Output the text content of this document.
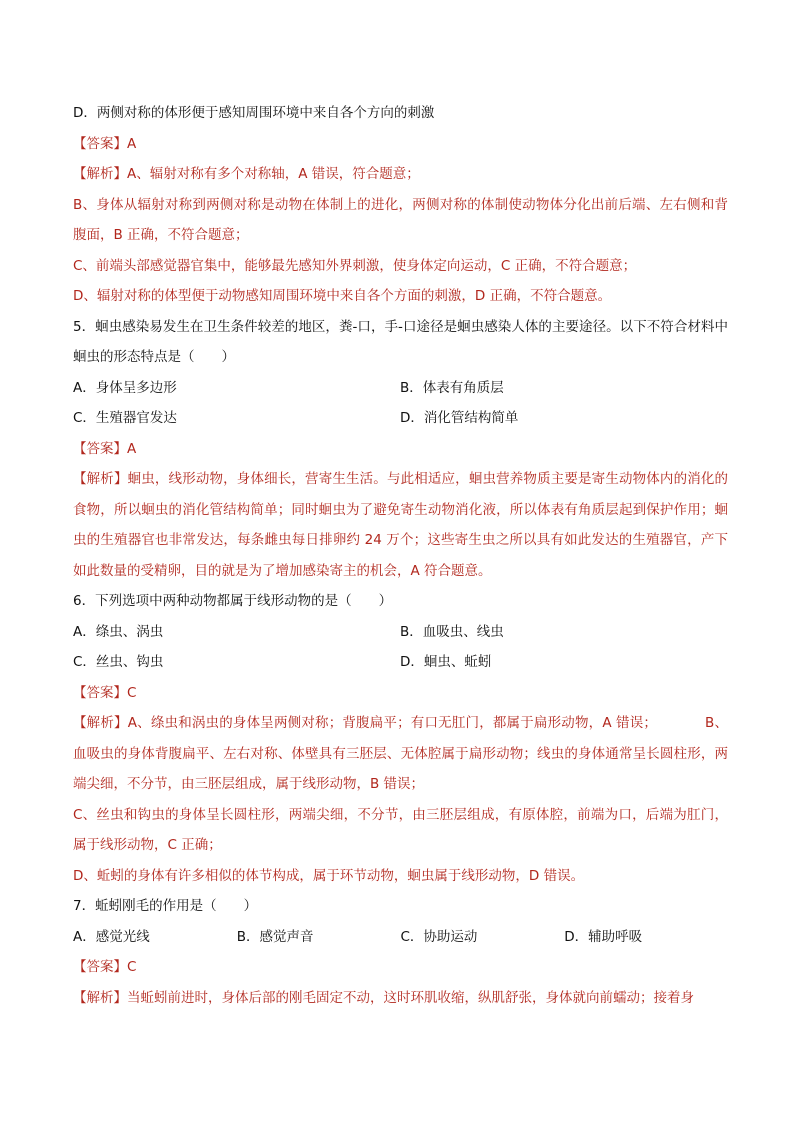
D．两侧对称的体形便于感知周围环境中来自各个方向的刺激
【答案】A
【解析】A、辐射对称有多个对称轴，A 错误，符合题意；
B、身体从辐射对称到两侧对称是动物在体制上的进化，两侧对称的体制使动物体分化出前后端、左右侧和背腹面，B 正确，不符合题意；
C、前端头部感觉器官集中，能够最先感知外界刺激，使身体定向运动，C 正确，不符合题意；
D、辐射对称的体型便于动物感知周围环境中来自各个方面的刺激，D 正确，不符合题意。
5．蛔虫感染易发生在卫生条件较差的地区，粪-口，手-口途径是蛔虫感染人体的主要途径。以下不符合材料中蛔虫的形态特点是（　　）
A．身体呈多边形	B．体表有角质层
C．生殖器官发达	D．消化管结构简单
【答案】A
【解析】蛔虫，线形动物，身体细长，营寄生生活。与此相适应，蛔虫营养物质主要是寄生动物体内的消化的食物，所以蛔虫的消化管结构简单；同时蛔虫为了避免寄生动物消化液，所以体表有角质层起到保护作用；蛔虫的生殖器官也非常发达，每条雌虫每日排卵约 24 万个；这些寄生虫之所以具有如此发达的生殖器官，产下如此数量的受精卵，目的就是为了增加感染寄主的机会，A 符合题意。
6．下列选项中两种动物都属于线形动物的是（　　）
A．绦虫、涡虫	B．血吸虫、线虫
C．丝虫、钩虫	D．蛔虫、蚯蚓
【答案】C
【解析】A、绦虫和涡虫的身体呈两侧对称；背腹扁平；有口无肛门，都属于扁形动物，A 错误；　　　　B、血吸虫的身体背腹扁平、左右对称、体壁具有三胚层、无体腔属于扁形动物；线虫的身体通常呈长圆柱形，两端尖细，不分节，由三胚层组成，属于线形动物，B 错误；
C、丝虫和钩虫的身体呈长圆柱形，两端尖细，不分节，由三胚层组成，有原体腔，前端为口，后端为肛门，属于线形动物，C 正确；
D、蚯蚓的身体有许多相似的体节构成，属于环节动物，蛔虫属于线形动物，D 错误。
7．蚯蚓刚毛的作用是（　　）
A．感觉光线	B．感觉声音	C．协助运动	D．辅助呼吸
【答案】C
【解析】当蚯蚓前进时，身体后部的刚毛固定不动，这时环肌收缩，纵肌舒张，身体就向前蠕动；接着身
